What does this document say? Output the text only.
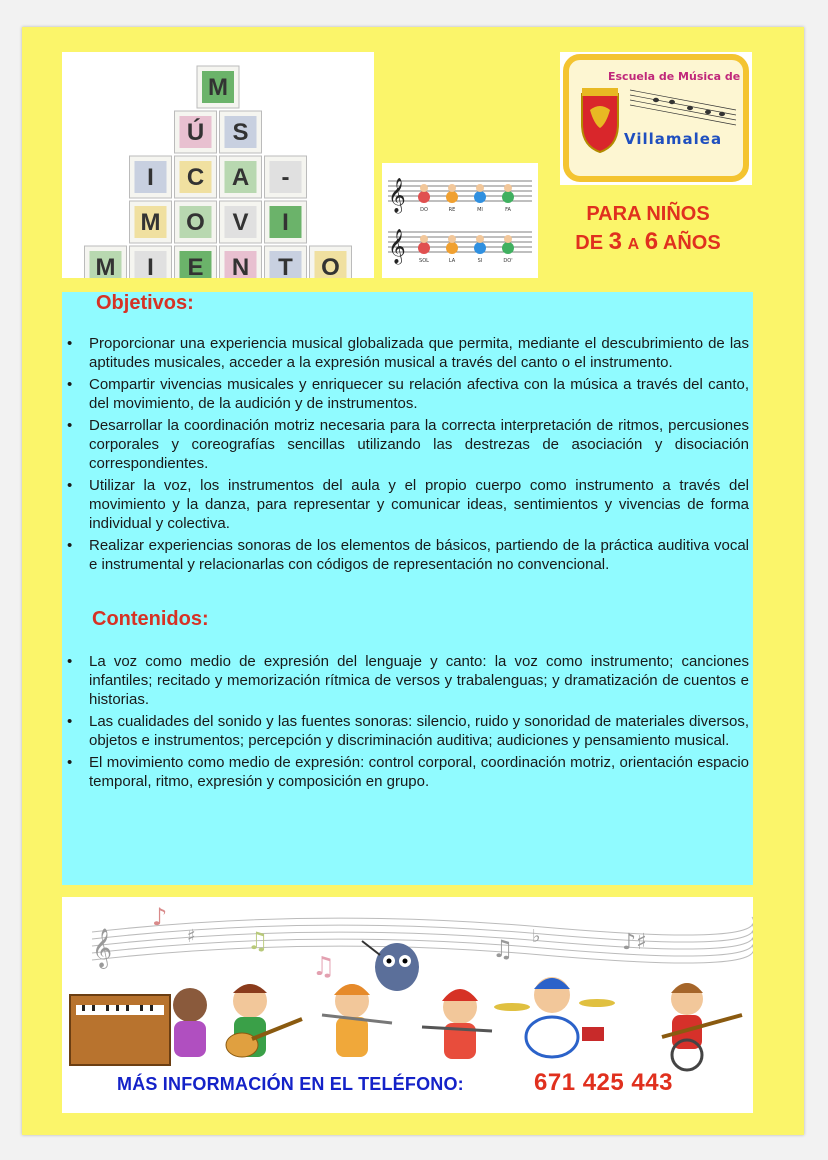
M
Ú S
I C A -
M O V I
M I E N T O
𝄞
𝄞
DO	RE	MI	FA
SOL	LA	SI	DO'
Escuela de Música de
Villamalea
PARA NIÑOS
DE 3 A 6 AÑOS
Objetivos:
• Proporcionar una experiencia musical globalizada que permita, mediante el descubrimiento de las aptitudes musicales, acceder a la expresión musical a través del canto o el instrumento.
• Compartir vivencias musicales y enriquecer su relación afectiva con la música a través del canto, del movimiento, de la audición y de instrumentos.
• Desarrollar la coordinación motriz necesaria para la correcta interpretación de ritmos, percusiones corporales y coreografías sencillas utilizando las destrezas de asociación y disociación correspondientes.
• Utilizar la voz, los instrumentos del aula y el propio cuerpo como instrumento a través del movimiento y la danza, para representar y comunicar ideas, sentimientos y vivencias de forma individual y colectiva.
• Realizar experiencias sonoras de los elementos de básicos, partiendo de la práctica auditiva vocal e instrumental y relacionarlas con códigos de representación no convencional.
Contenidos:
• La voz como medio de expresión del lenguaje y canto: la voz como instrumento; canciones infantiles; recitado y memorización rítmica de versos y trabalenguas; y dramatización de cuentos e historias.
• Las cualidades del sonido y las fuentes sonoras: silencio, ruido y sonoridad de materiales diversos, objetos e instrumentos; percepción y discriminación auditiva; audiciones y pensamiento musical.
• El movimiento como medio de expresión: control corporal, coordinación motriz, orientación espacio temporal, ritmo, expresión y composición en grupo.
𝄞
♪
♯ ♫
♫
♫ ♭	♪♯
MÁS INFORMACIÓN EN EL TELÉFONO:	671 425 443
